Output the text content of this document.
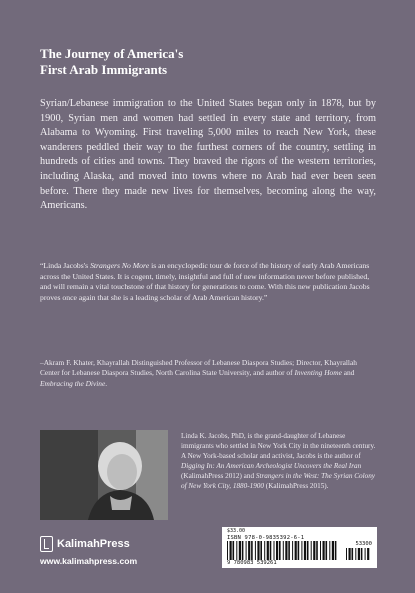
The Journey of America's
First Arab Immigrants

Syrian/Lebanese immigration to the United States began only in 1878, but by 1900, Syrian men and women had settled in every state and territory, from Alabama to Wyoming. First traveling 5,000 miles to reach New York, these wanderers peddled their way to the furthest corners of the country, settling in hundreds of cities and towns. They braved the rigors of the western territories, including Alaska, and moved into towns where no Arab had ever been seen before. There they made new lives for themselves, becoming along the way, Americans.

“Linda Jacobs's Strangers No More is an encyclopedic tour de force of the history of early Arab Americans across the United States. It is cogent, timely, insightful and full of new information never before published, and will remain a vital touchstone of that history for generations to come. With this new publication Jacobs proves once again that she is a leading scholar of Arab American history.”

–Akram F. Khater, Khayrallah Distinguished Professor of Lebanese Diaspora Studies; Director, Khayrallah Center for Lebanese Diaspora Studies, North Carolina State University, and author of Inventing Home and Embracing the Divine.

Linda K. Jacobs, PhD, is the grand-daughter of Lebanese immigrants who settled in New York City in the nineteenth century. A New York-based scholar and activist, Jacobs is the author of Digging In: An American Archeologist Uncovers the Real Iran (KalimahPress 2012) and Strangers in the West: The Syrian Colony of New York City, 1880-1900 (KalimahPress 2015).

KalimahPress
www.kalimahpress.com
$33.00
ISBN 978-0-9835392-6-1
53300
9 780983 539261
